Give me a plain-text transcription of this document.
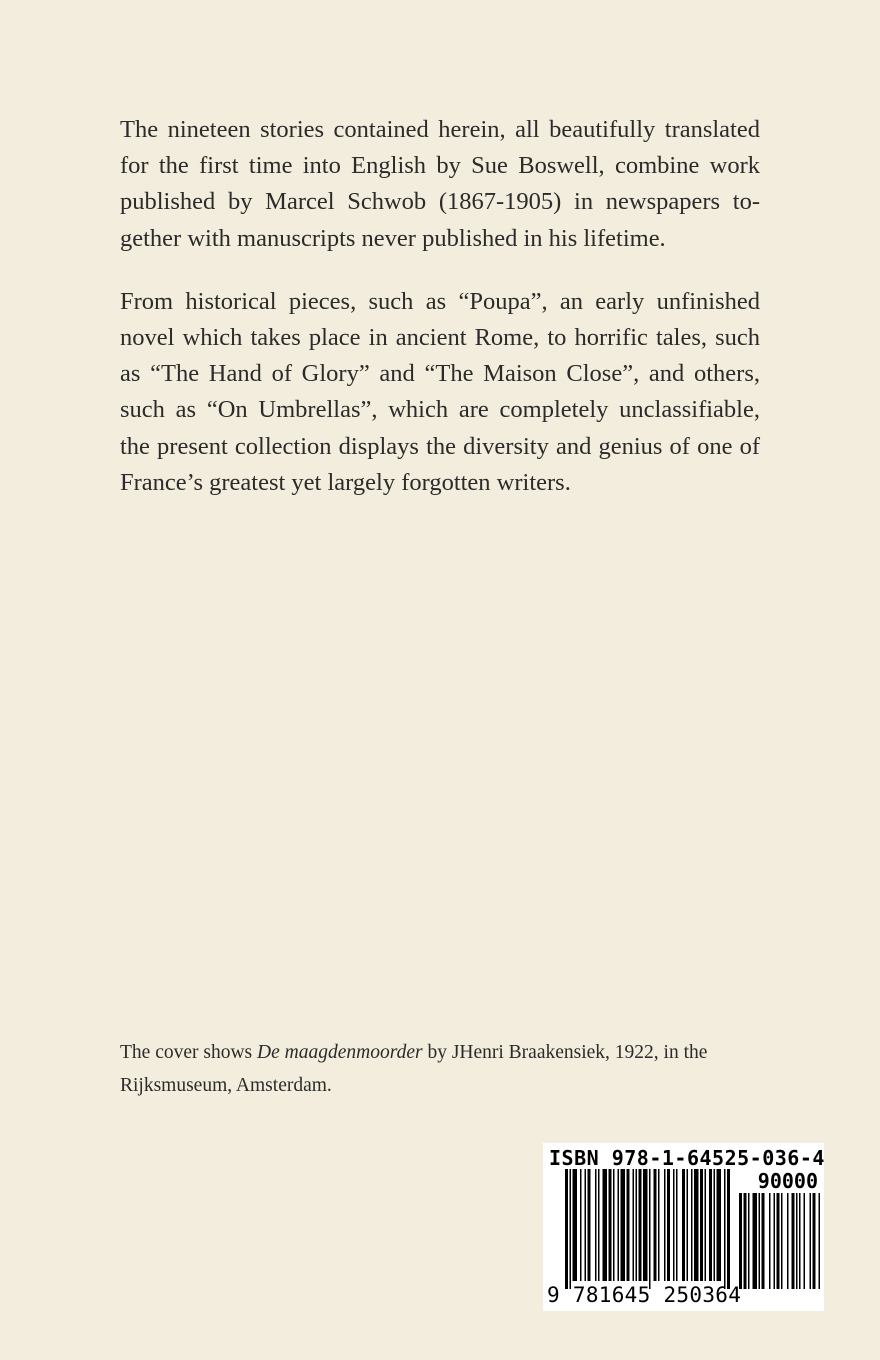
The nineteen stories contained herein, all beautifully translated for the first time into English by Sue Boswell, combine work published by Marcel Schwob (1867-1905) in newspapers to-gether with manuscripts never published in his lifetime.

From historical pieces, such as “Poupa”, an early unfinished novel which takes place in ancient Rome, to horrific tales, such as “The Hand of Glory” and “The Maison Close”, and others, such as “On Umbrellas”, which are completely unclassifiable, the present collection displays the diversity and genius of one of France’s greatest yet largely forgotten writers.

The cover shows De maagdenmoorder by JHenri Braakensiek, 1922, in the Rijksmuseum, Amsterdam.

ISBN 978-1-64525-036-4
90000
9 781645 250364
